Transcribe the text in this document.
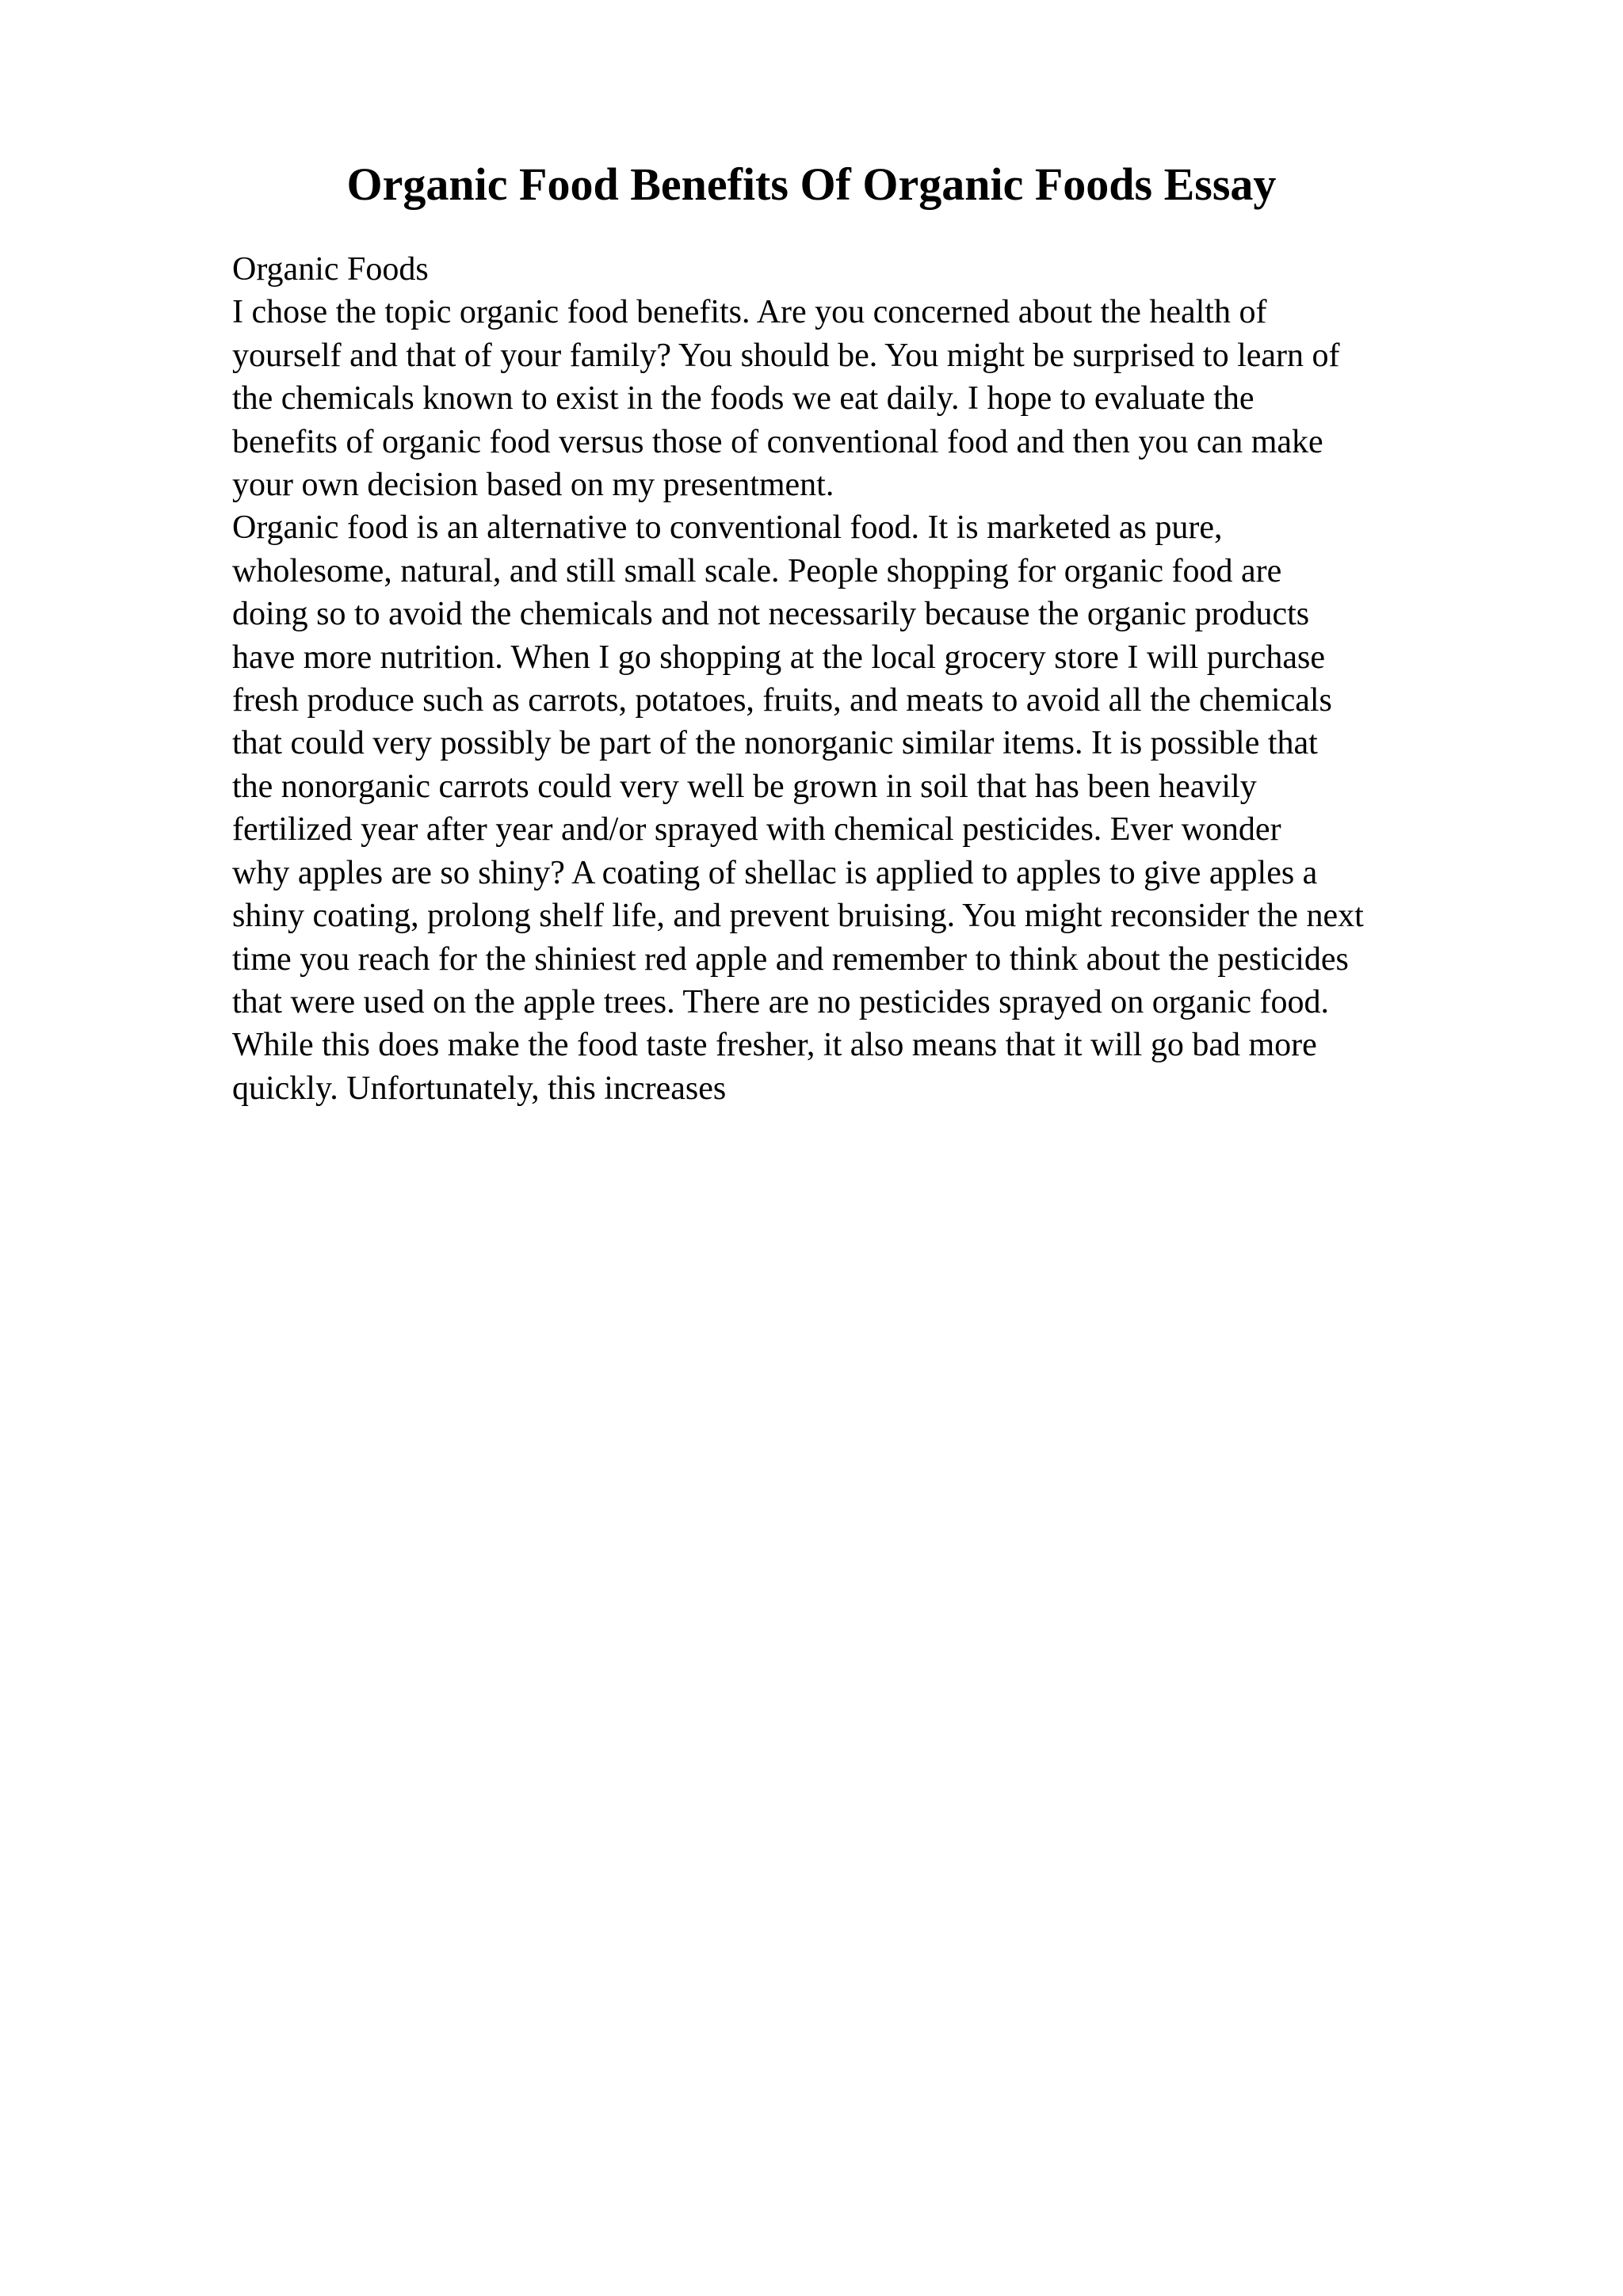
Organic Food Benefits Of Organic Foods Essay
Organic Foods
I chose the topic organic food benefits. Are you concerned about the health of
yourself and that of your family? You should be. You might be surprised to learn of
the chemicals known to exist in the foods we eat daily. I hope to evaluate the
benefits of organic food versus those of conventional food and then you can make
your own decision based on my presentment.
Organic food is an alternative to conventional food. It is marketed as pure,
wholesome, natural, and still small scale. People shopping for organic food are
doing so to avoid the chemicals and not necessarily because the organic products
have more nutrition. When I go shopping at the local grocery store I will purchase
fresh produce such as carrots, potatoes, fruits, and meats to avoid all the chemicals
that could very possibly be part of the nonorganic similar items. It is possible that
the nonorganic carrots could very well be grown in soil that has been heavily
fertilized year after year and/or sprayed with chemical pesticides. Ever wonder
why apples are so shiny? A coating of shellac is applied to apples to give apples a
shiny coating, prolong shelf life, and prevent bruising. You might reconsider the next
time you reach for the shiniest red apple and remember to think about the pesticides
that were used on the apple trees. There are no pesticides sprayed on organic food.
While this does make the food taste fresher, it also means that it will go bad more
quickly. Unfortunately, this increases
